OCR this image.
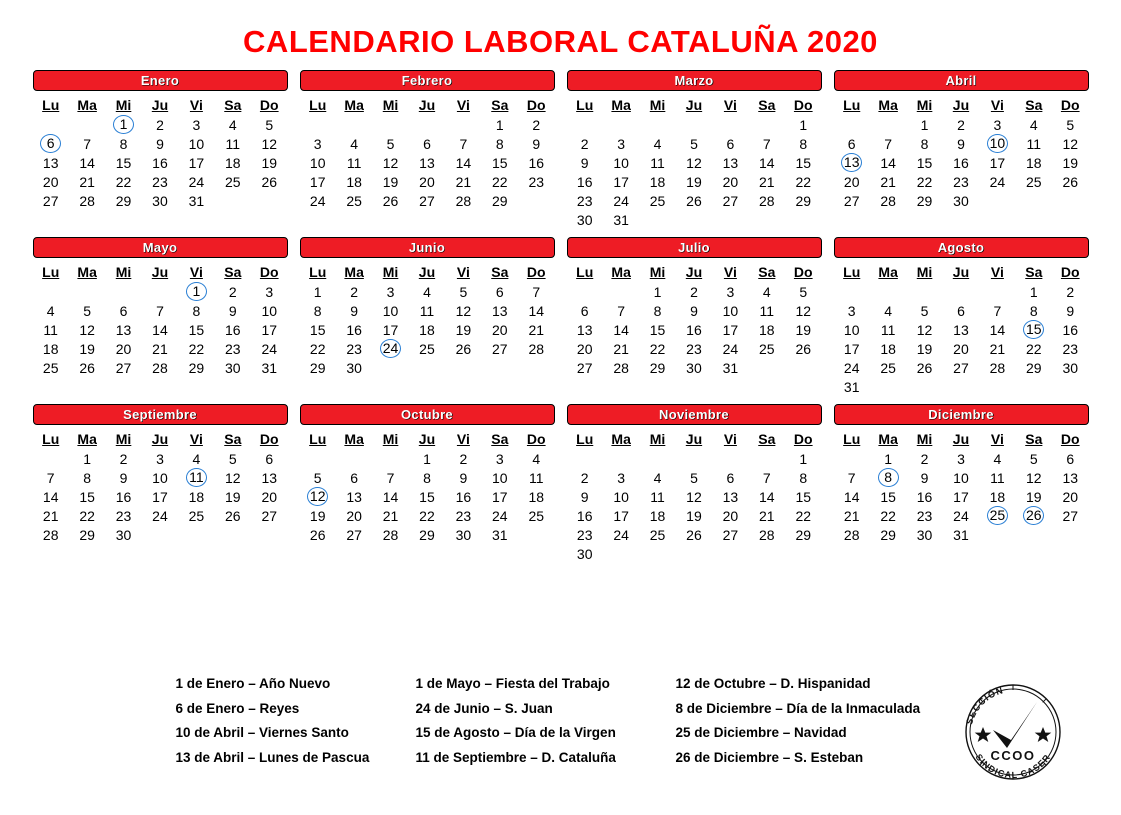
CALENDARIO LABORAL CATALUÑA 2020
Enero
Lu	Ma	Mi	Ju	Vi	Sa	Do
		1	2	3	4	5
6	7	8	9	10	11	12
13	14	15	16	17	18	19
20	21	22	23	24	25	26
27	28	29	30	31		
Febrero
Lu	Ma	Mi	Ju	Vi	Sa	Do
					1	2
3	4	5	6	7	8	9
10	11	12	13	14	15	16
17	18	19	20	21	22	23
24	25	26	27	28	29	
Marzo
Lu	Ma	Mi	Ju	Vi	Sa	Do
						1
2	3	4	5	6	7	8
9	10	11	12	13	14	15
16	17	18	19	20	21	22
23	24	25	26	27	28	29
30	31					
Abril
Lu	Ma	Mi	Ju	Vi	Sa	Do
		1	2	3	4	5
6	7	8	9	10	11	12
13	14	15	16	17	18	19
20	21	22	23	24	25	26
27	28	29	30			
Mayo
Lu	Ma	Mi	Ju	Vi	Sa	Do
				1	2	3
4	5	6	7	8	9	10
11	12	13	14	15	16	17
18	19	20	21	22	23	24
25	26	27	28	29	30	31
Junio
Lu	Ma	Mi	Ju	Vi	Sa	Do
1	2	3	4	5	6	7
8	9	10	11	12	13	14
15	16	17	18	19	20	21
22	23	24	25	26	27	28
29	30					
Julio
Lu	Ma	Mi	Ju	Vi	Sa	Do
		1	2	3	4	5
6	7	8	9	10	11	12
13	14	15	16	17	18	19
20	21	22	23	24	25	26
27	28	29	30	31		
Agosto
Lu	Ma	Mi	Ju	Vi	Sa	Do
					1	2
3	4	5	6	7	8	9
10	11	12	13	14	15	16
17	18	19	20	21	22	23
24	25	26	27	28	29	30
31						
Septiembre
Lu	Ma	Mi	Ju	Vi	Sa	Do
	1	2	3	4	5	6
7	8	9	10	11	12	13
14	15	16	17	18	19	20
21	22	23	24	25	26	27
28	29	30				
Octubre
Lu	Ma	Mi	Ju	Vi	Sa	Do
			1	2	3	4
5	6	7	8	9	10	11
12	13	14	15	16	17	18
19	20	21	22	23	24	25
26	27	28	29	30	31	
Noviembre
Lu	Ma	Mi	Ju	Vi	Sa	Do
						1
2	3	4	5	6	7	8
9	10	11	12	13	14	15
16	17	18	19	20	21	22
23	24	25	26	27	28	29
30						
Diciembre
Lu	Ma	Mi	Ju	Vi	Sa	Do
	1	2	3	4	5	6
7	8	9	10	11	12	13
14	15	16	17	18	19	20
21	22	23	24	25	26	27
28	29	30	31			
1 de Enero – Año Nuevo
6 de Enero – Reyes
10 de Abril – Viernes Santo
13 de Abril – Lunes de Pascua
1 de Mayo – Fiesta del Trabajo
24 de Junio – S. Juan
15 de Agosto – Día de la Virgen
11 de Septiembre – D. Cataluña
12 de Octubre – D. Hispanidad
8 de Diciembre – Día de la Inmaculada
25 de Diciembre – Navidad
26 de Diciembre – S. Esteban
SECCIÓN
SINDICAL CASER
CCOO
